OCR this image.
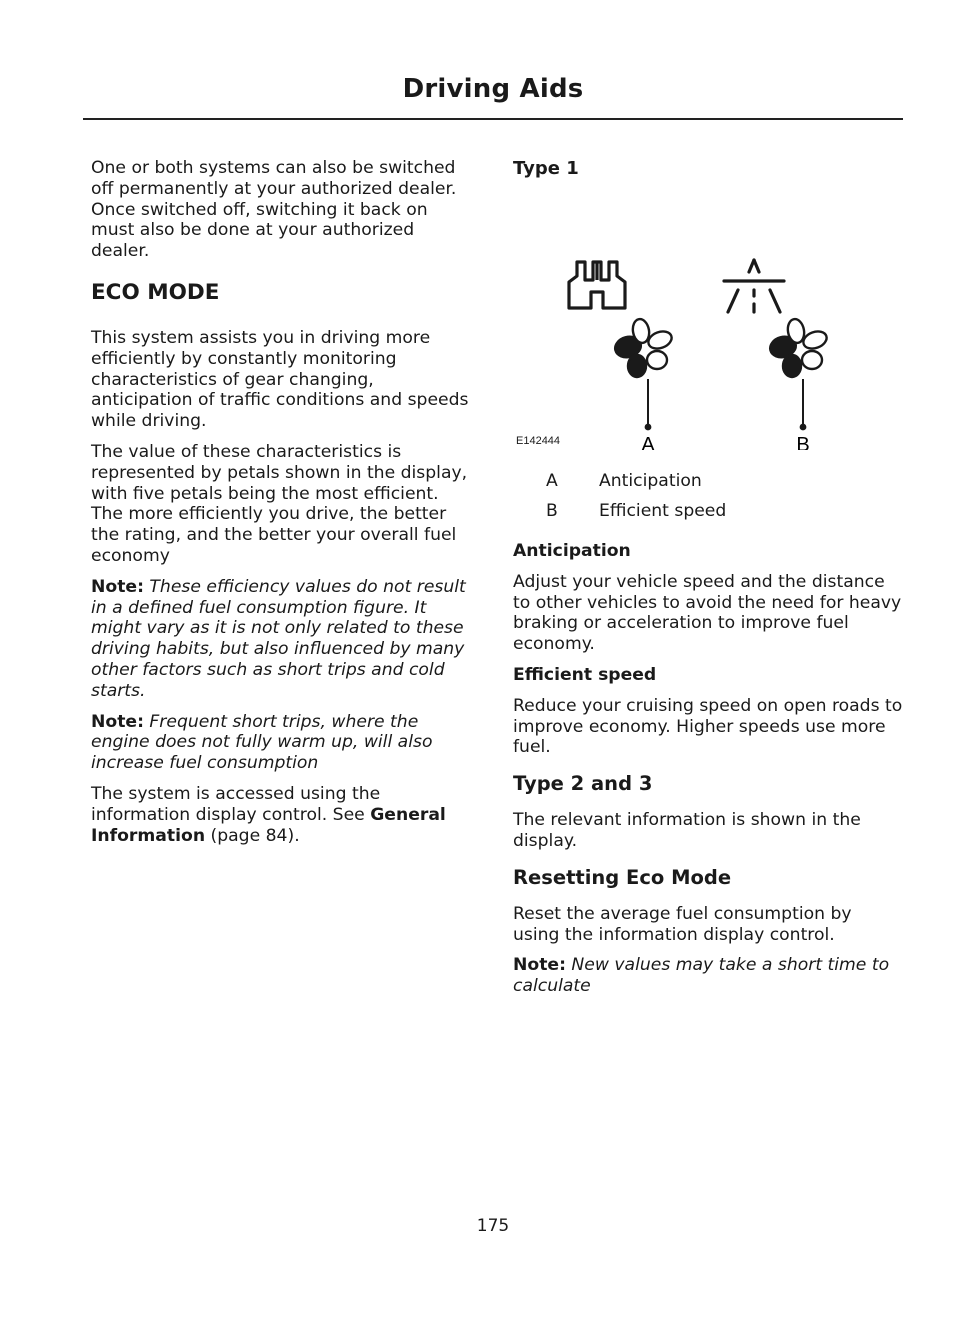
Driving Aids

One or both systems can also be switched off permanently at your authorized dealer. Once switched off, switching it back on must also be done at your authorized dealer.

ECO MODE

This system assists you in driving more efficiently by constantly monitoring characteristics of gear changing, anticipation of traffic conditions and speeds while driving.

The value of these characteristics is represented by petals shown in the display, with five petals being the most efficient. The more efficiently you drive, the better the rating, and the better your overall fuel economy

Note: These efficiency values do not result in a defined fuel consumption figure. It might vary as it is not only related to these driving habits, but also influenced by many other factors such as short trips and cold starts.

Note: Frequent short trips, where the engine does not fully warm up, will also increase fuel consumption

The system is accessed using the information display control. See General Information (page 84).

Type 1
A	B
E142444
A	Anticipation
B	Efficient speed
Anticipation

Adjust your vehicle speed and the distance to other vehicles to avoid the need for heavy braking or acceleration to improve fuel economy.

Efficient speed

Reduce your cruising speed on open roads to improve economy. Higher speeds use more fuel.

Type 2 and 3

The relevant information is shown in the display.

Resetting Eco Mode

Reset the average fuel consumption by using the information display control.

Note: New values may take a short time to calculate

175
